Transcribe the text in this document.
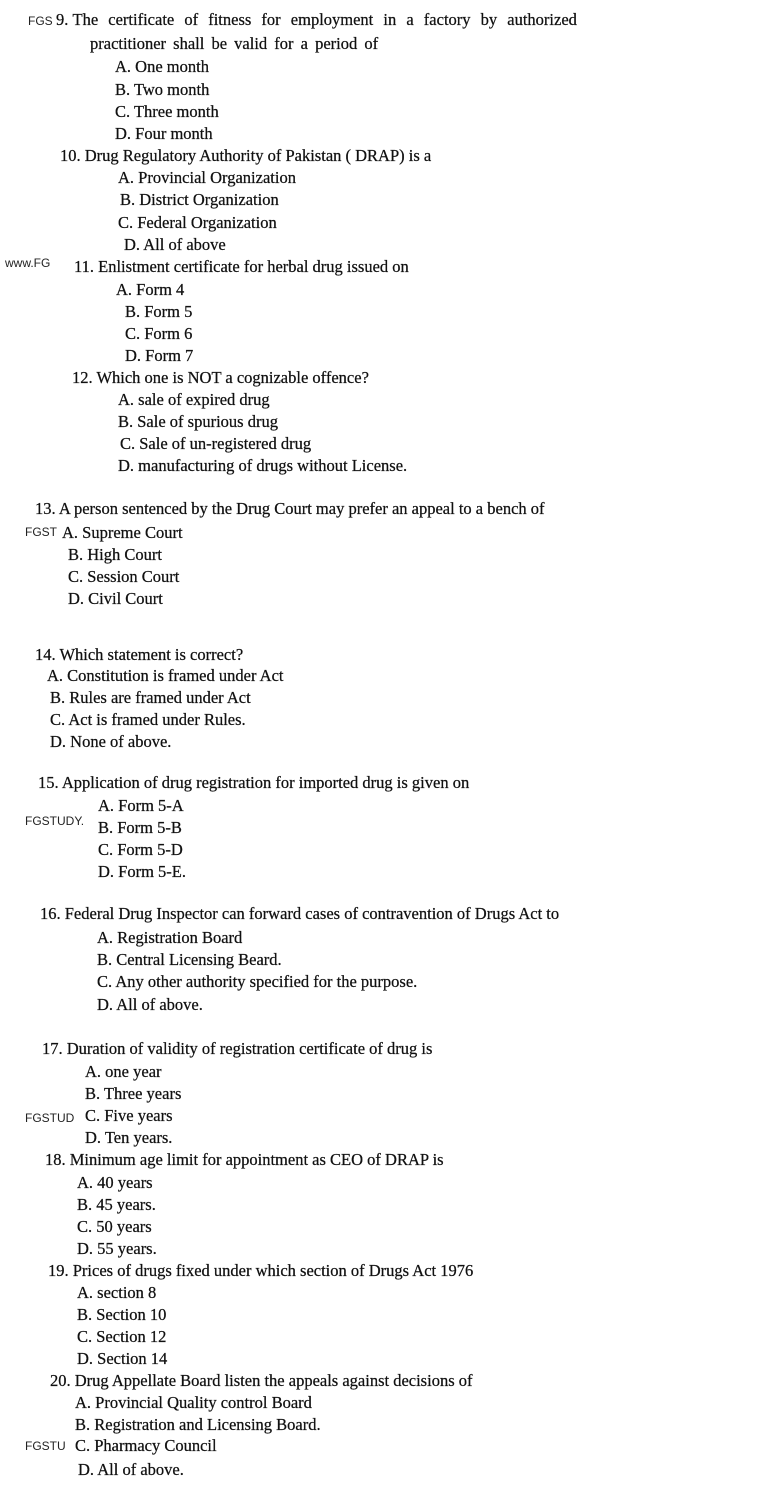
9. The certificate of fitness for employment in a factory by authorized
practitioner shall be valid for a period of
A. One month
B. Two month
C. Three month
D. Four month
10. Drug Regulatory Authority of Pakistan ( DRAP) is a
A. Provincial Organization
B. District Organization
C. Federal Organization
D. All of above
11. Enlistment certificate for herbal drug issued on
A. Form 4
B. Form 5
C. Form 6
D. Form 7
12. Which one is NOT a cognizable offence?
A. sale of expired drug
B. Sale of spurious drug
C. Sale of un-registered drug
D. manufacturing of drugs without License.
13. A person sentenced by the Drug Court may prefer an appeal to a bench of
A. Supreme Court
B. High Court
C. Session Court
D. Civil Court
14. Which statement is correct?
A. Constitution is framed under Act
B. Rules are framed under Act
C. Act is framed under Rules.
D. None of above.
15. Application of drug registration for imported drug is given on
A. Form 5-A
B. Form 5-B
C. Form 5-D
D. Form 5-E.
16. Federal Drug Inspector can forward cases of contravention of Drugs Act to
A. Registration Board
B. Central Licensing Beard.
C. Any other authority specified for the purpose.
D. All of above.
17. Duration of validity of registration certificate of drug is
A. one year
B. Three years
C. Five years
D. Ten years.
18. Minimum age limit for appointment as CEO of DRAP is
A. 40 years
B. 45 years.
C. 50 years
D. 55 years.
19. Prices of drugs fixed under which section of Drugs Act 1976
A. section 8
B. Section 10
C. Section 12
D. Section 14
20. Drug Appellate Board listen the appeals against decisions of
A. Provincial Quality control Board
B. Registration and Licensing Board.
C. Pharmacy Council
D. All of above.
FGS
www.FG
FGST
FGSTUDY.
FGSTUD
FGSTU
